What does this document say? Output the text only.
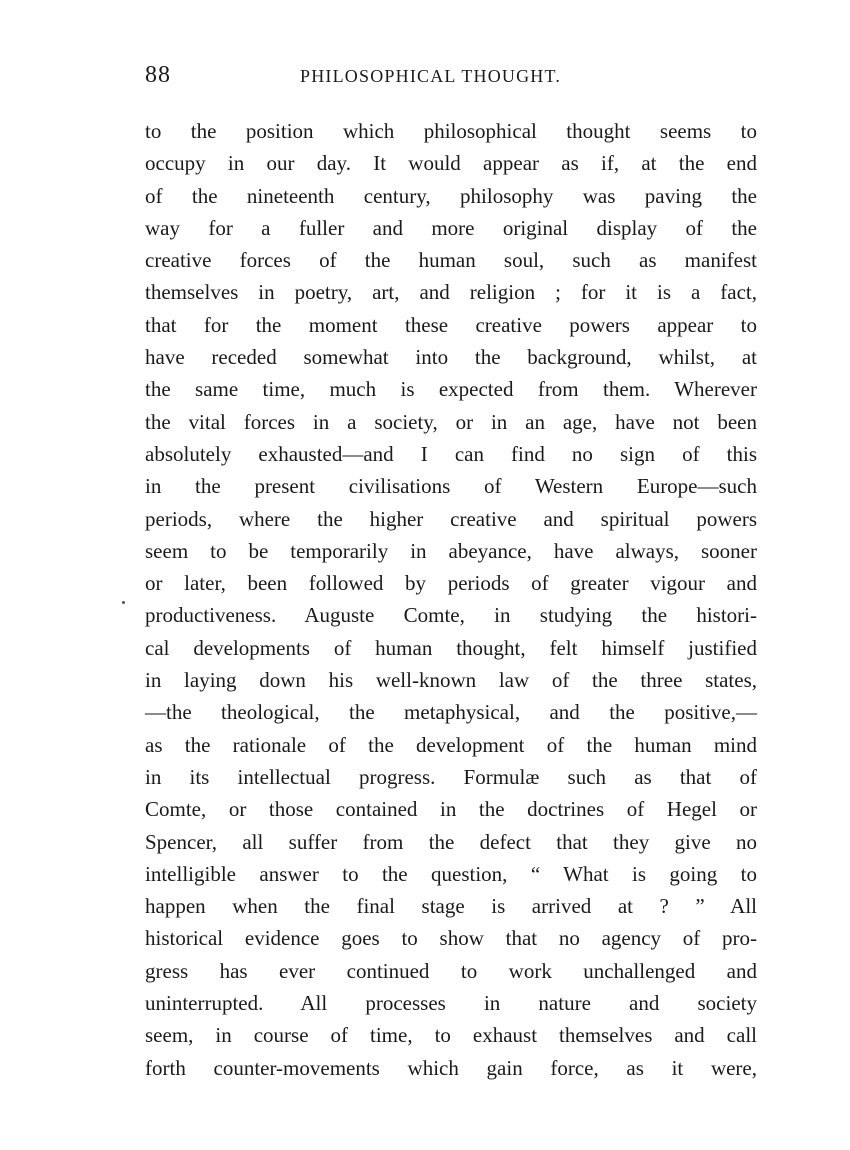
88	PHILOSOPHICAL THOUGHT.
to the position which philosophical thought seems to
occupy in our day. It would appear as if, at the end
of the nineteenth century, philosophy was paving the
way for a fuller and more original display of the
creative forces of the human soul, such as manifest
themselves in poetry, art, and religion ; for it is a fact,
that for the moment these creative powers appear to
have receded somewhat into the background, whilst, at
the same time, much is expected from them. Wherever
the vital forces in a society, or in an age, have not been
absolutely exhausted—and I can find no sign of this
in the present civilisations of Western Europe—such
periods, where the higher creative and spiritual powers
seem to be temporarily in abeyance, have always, sooner
or later, been followed by periods of greater vigour and
productiveness. Auguste Comte, in studying the histori-
cal developments of human thought, felt himself justified
in laying down his well-known law of the three states,
—the theological, the metaphysical, and the positive,—
as the rationale of the development of the human mind
in its intellectual progress. Formulæ such as that of
Comte, or those contained in the doctrines of Hegel or
Spencer, all suffer from the defect that they give no
intelligible answer to the question, “ What is going to
happen when the final stage is arrived at ? ” All
historical evidence goes to show that no agency of pro-
gress has ever continued to work unchallenged and
uninterrupted. All processes in nature and society
seem, in course of time, to exhaust themselves and call
forth counter-movements which gain force, as it were,
